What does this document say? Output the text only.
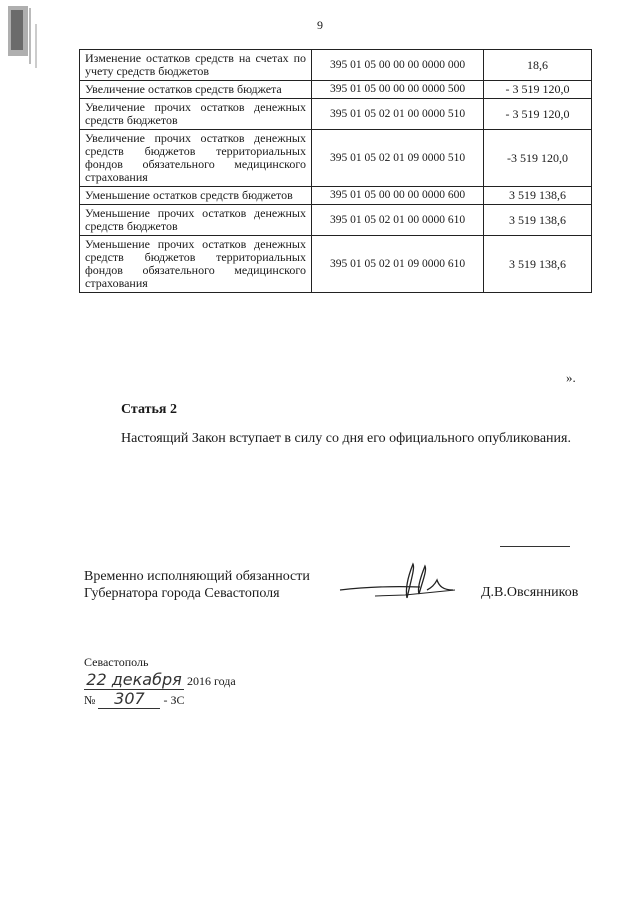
9
Изменение остатков средств на счетах по учету средств бюджетов	395 01 05 00 00 00 0000 000	18,6
Увеличение остатков средств бюджета	395 01 05 00 00 00 0000 500	- 3 519 120,0
Увеличение прочих остатков денежных средств бюджетов	395 01 05 02 01 00 0000 510	- 3 519 120,0
Увеличение прочих остатков денежных средств бюджетов территориальных фондов обязательного медицинского страхования	395 01 05 02 01 09 0000 510	-3 519 120,0
Уменьшение остатков средств бюджетов	395 01 05 00 00 00 0000 600	3 519 138,6
Уменьшение прочих остатков денежных средств бюджетов	395 01 05 02 01 00 0000 610	3 519 138,6
Уменьшение прочих остатков денежных средств бюджетов территориальных фондов обязательного медицинского страхования	395 01 05 02 01 09 0000 610	3 519 138,6
».
Статья 2
Настоящий Закон вступает в силу со дня его официального опубликования.
Временно исполняющий обязанности
Губернатора города Севастополя	Д.В.Овсянников
Севастополь
22 декабря 2016 года
№ 307 - ЗС
